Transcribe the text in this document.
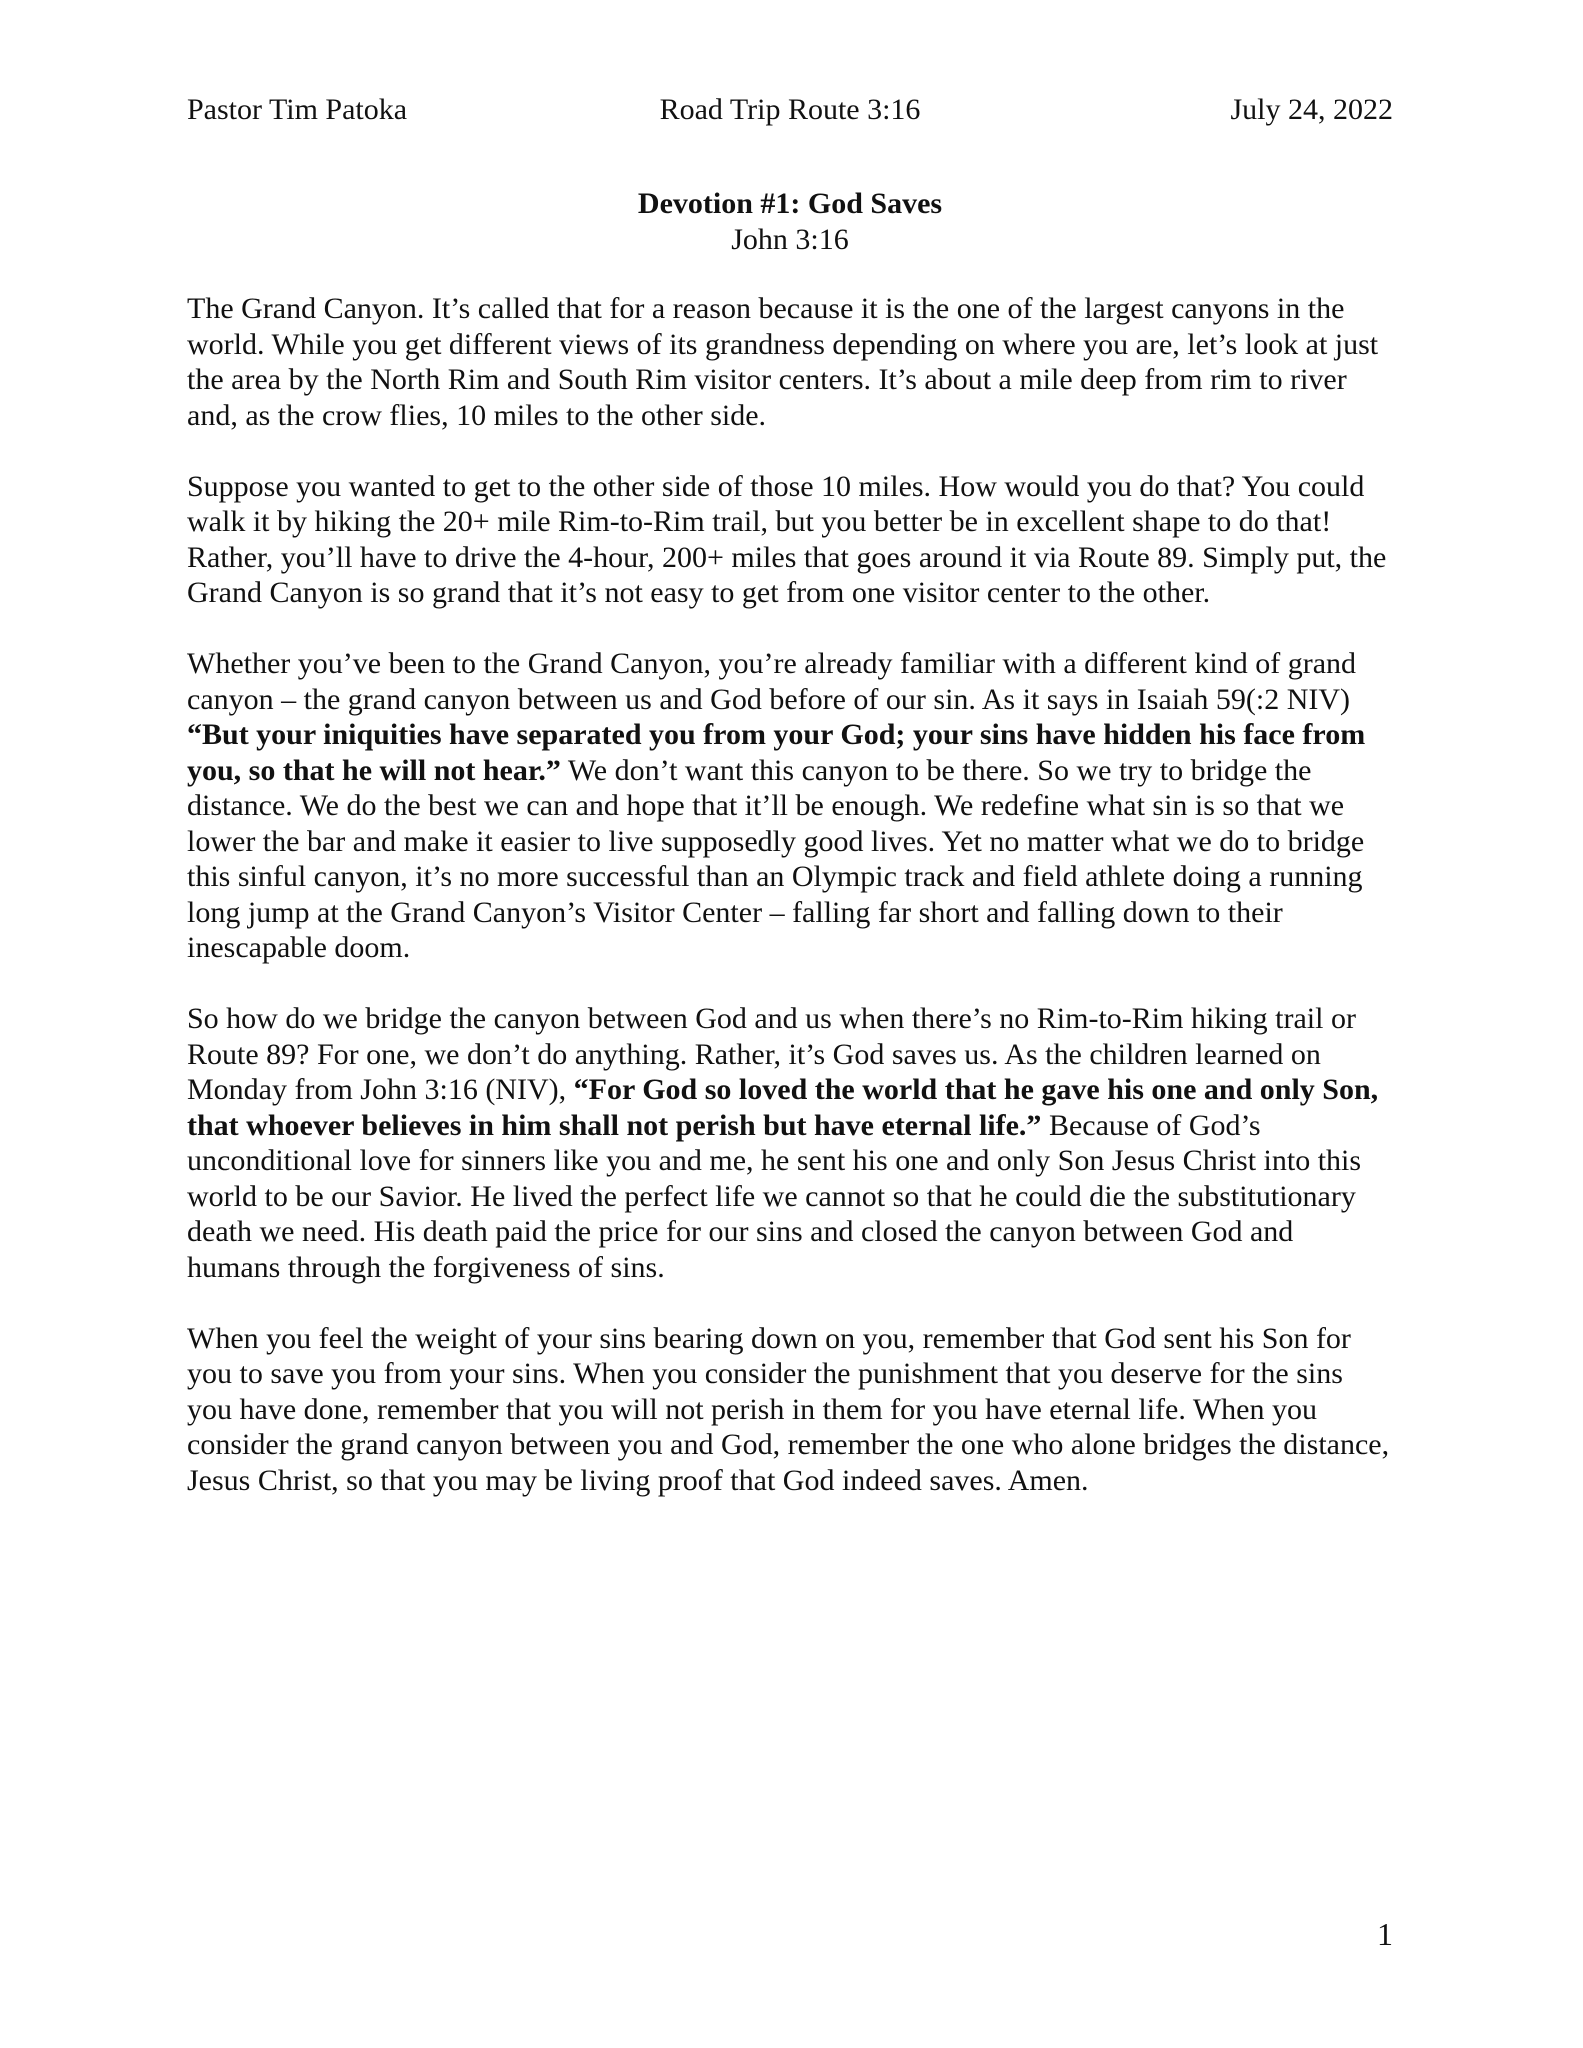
Pastor Tim Patoka	Road Trip Route 3:16	July 24, 2022
Devotion #1: God Saves
John 3:16

The Grand Canyon. It’s called that for a reason because it is the one of the largest canyons in the world. While you get different views of its grandness depending on where you are, let’s look at just the area by the North Rim and South Rim visitor centers. It’s about a mile deep from rim to river and, as the crow flies, 10 miles to the other side.

Suppose you wanted to get to the other side of those 10 miles. How would you do that? You could walk it by hiking the 20+ mile Rim-to-Rim trail, but you better be in excellent shape to do that! Rather, you’ll have to drive the 4-hour, 200+ miles that goes around it via Route 89. Simply put, the Grand Canyon is so grand that it’s not easy to get from one visitor center to the other.

Whether you’ve been to the Grand Canyon, you’re already familiar with a different kind of grand canyon – the grand canyon between us and God before of our sin. As it says in Isaiah 59(:2 NIV) “But your iniquities have separated you from your God; your sins have hidden his face from you, so that he will not hear.” We don’t want this canyon to be there. So we try to bridge the distance. We do the best we can and hope that it’ll be enough. We redefine what sin is so that we lower the bar and make it easier to live supposedly good lives. Yet no matter what we do to bridge this sinful canyon, it’s no more successful than an Olympic track and field athlete doing a running long jump at the Grand Canyon’s Visitor Center – falling far short and falling down to their inescapable doom.

So how do we bridge the canyon between God and us when there’s no Rim-to-Rim hiking trail or Route 89? For one, we don’t do anything. Rather, it’s God saves us. As the children learned on Monday from John 3:16 (NIV), “For God so loved the world that he gave his one and only Son, that whoever believes in him shall not perish but have eternal life.” Because of God’s unconditional love for sinners like you and me, he sent his one and only Son Jesus Christ into this world to be our Savior. He lived the perfect life we cannot so that he could die the substitutionary death we need. His death paid the price for our sins and closed the canyon between God and humans through the forgiveness of sins.

When you feel the weight of your sins bearing down on you, remember that God sent his Son for you to save you from your sins. When you consider the punishment that you deserve for the sins you have done, remember that you will not perish in them for you have eternal life. When you consider the grand canyon between you and God, remember the one who alone bridges the distance, Jesus Christ, so that you may be living proof that God indeed saves. Amen.

1
